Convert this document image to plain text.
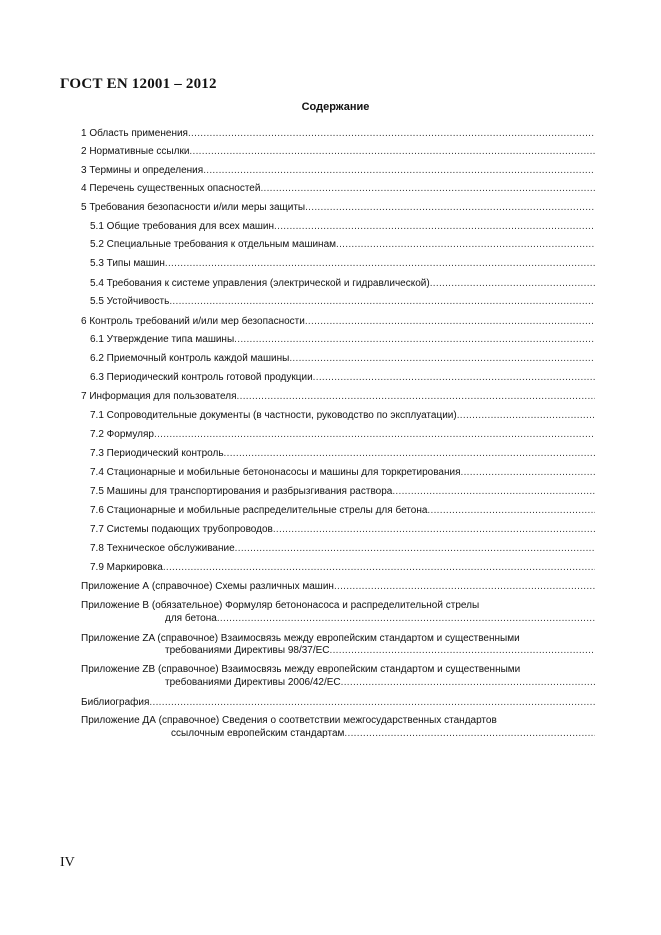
ГОСТ EN 12001 – 2012
Содержание
1 Область применения
.....
2 Нормативные ссылки
.....
3 Термины и определения
.....
4 Перечень существенных опасностей
.....
5 Требования безопасности и/или меры защиты
.....
5.1 Общие требования для всех машин
.....
5.2 Специальные требования к отдельным машинам
.....
5.3 Типы машин
.....
5.4 Требования к системе управления (электрической и гидравлической)
.....
5.5 Устойчивость
.....
6 Контроль требований и/или мер безопасности
.....
6.1 Утверждение типа машины
.....
6.2 Приемочный контроль каждой машины
.....
6.3 Периодический контроль готовой продукции
.....
7 Информация для пользователя
.....
7.1 Сопроводительные документы (в частности, руководство по эксплуатации)
.....
7.2 Формуляр
.....
7.3 Периодический контроль
.....
7.4 Стационарные и мобильные бетононасосы и машины для торкретирования
.....
7.5 Машины для транспортирования и разбрызгивания раствора
.....
7.6 Стационарные и мобильные распределительные стрелы для бетона
.....
7.7 Системы подающих трубопроводов
.....
7.8 Техническое обслуживание
.....
7.9 Маркировка
.....
Приложение А (справочное) Схемы различных машин
.....
Приложение В (обязательное) Формуляр бетононасоса и распределительной стрелы
для бетона
.....
Приложение ZA (справочное) Взаимосвязь между европейским стандартом и существенными
требованиями Директивы 98/37/ЕС
.....
Приложение ZB (справочное) Взаимосвязь между европейским стандартом и существенными
требованиями Директивы 2006/42/ЕС
.....
Библиография
.....
Приложение ДА (справочное) Сведения о соответствии межгосударственных стандартов
ссылочным европейским стандартам
.....
IV
